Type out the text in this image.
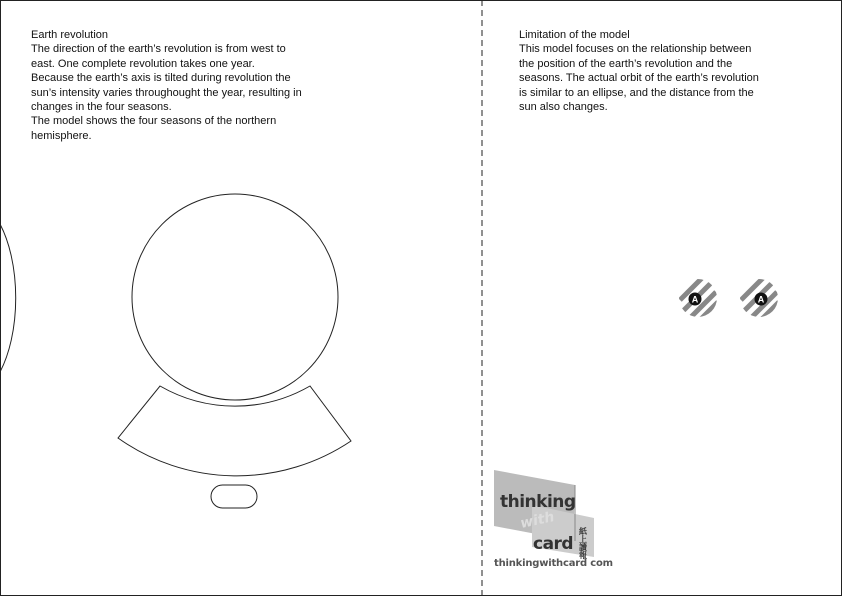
Earth revolution

The direction of the earth’s revolution is from west to

east. One complete revolution takes one year.

Because the earth’s axis is tilted during revolution the

sun’s intensity varies throughought the year, resulting in

changes in the four seasons.

The model shows the four seasons of the northern

hemisphere.

Limitation of the model

This model focuses on the relationship between

the position of the earth’s revolution and the

seasons. The actual orbit of the earth’s revolution

is similar to an ellipse, and the distance from the

sun also changes.

A	A
thinking
with
card 紙上讀報
thinkingwithcard com
